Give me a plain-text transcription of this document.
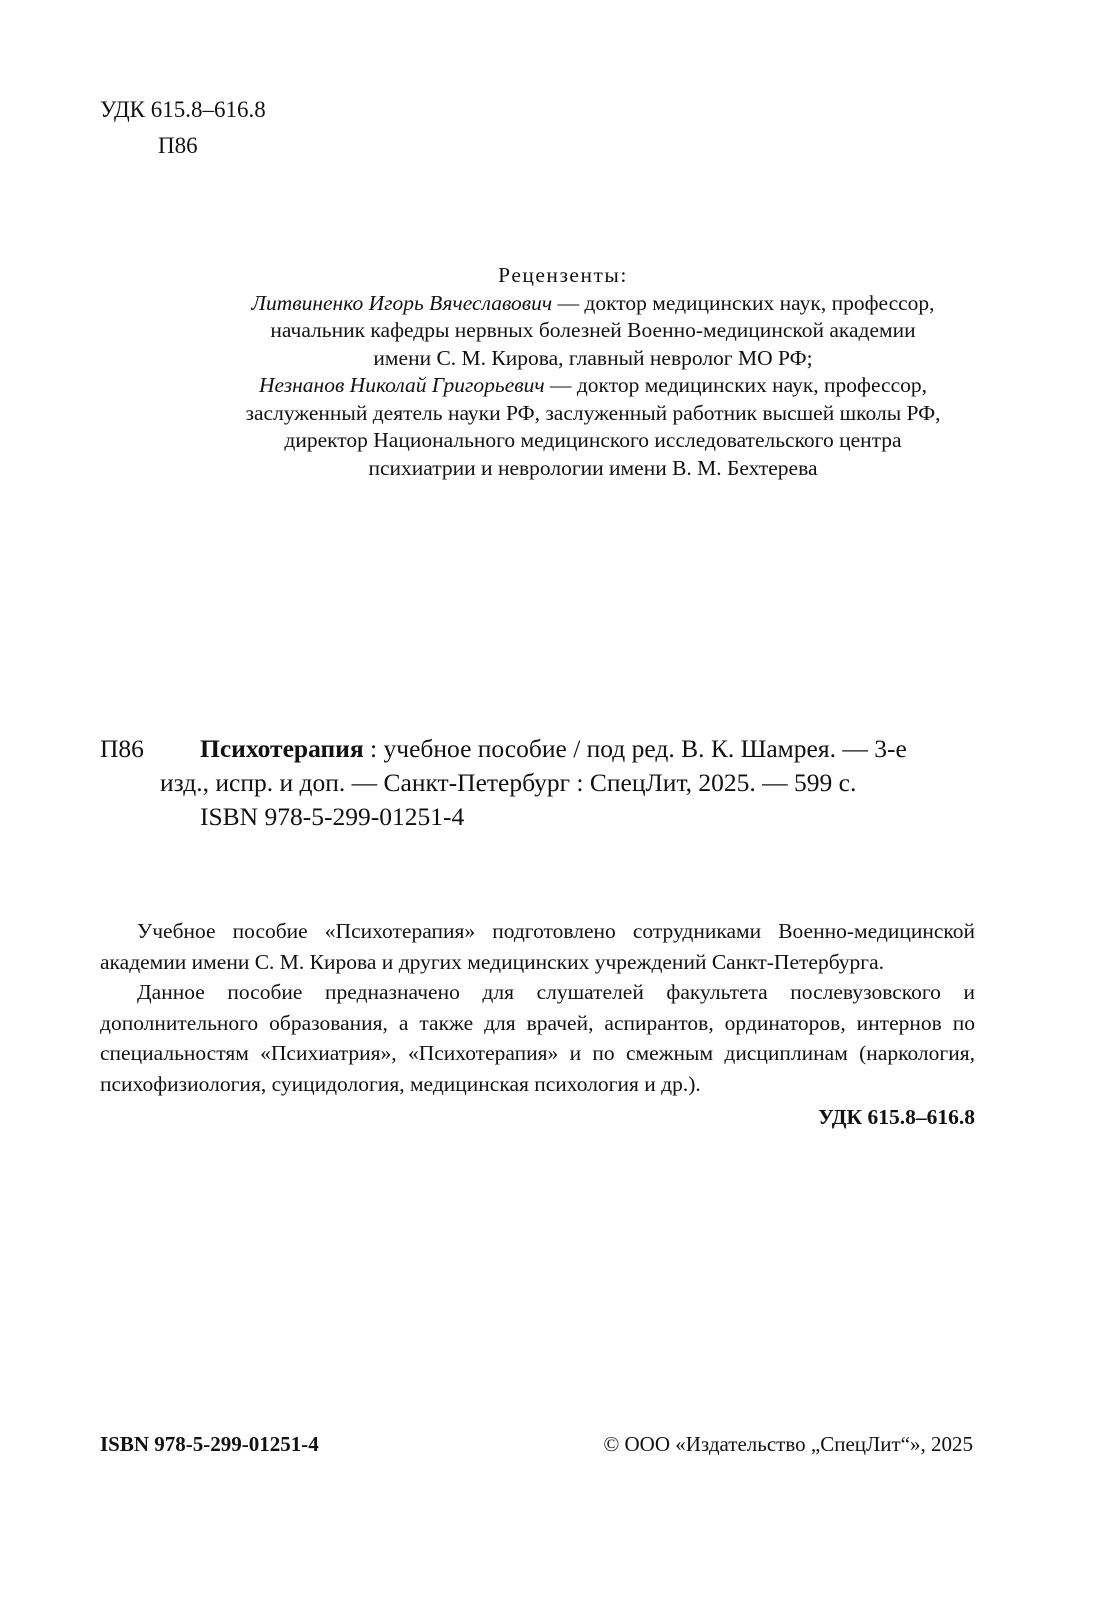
УДК 615.8–616.8
П86
Рецензенты:
Литвиненко Игорь Вячеславович — доктор медицинских наук, профессор,
начальник кафедры нервных болезней Военно-медицинской академии
имени С. М. Кирова, главный невролог МО РФ;
Незнанов Николай Григорьевич — доктор медицинских наук, профессор,
заслуженный деятель науки РФ, заслуженный работник высшей школы РФ,
директор Национального медицинского исследовательского центра
психиатрии и неврологии имени В. М. Бехтерева
П86	Психотерапия : учебное пособие / под ред. В. К. Шамрея. — 3-е
изд., испр. и доп. — Санкт-Петербург : СпецЛит, 2025. — 599 с.
ISBN 978-5-299-01251-4

Учебное пособие «Психотерапия» подготовлено сотрудниками Военно-медицинской академии имени С. М. Кирова и других медицинских учреждений Санкт-Петербурга.

Данное пособие предназначено для слушателей факультета послевузовского и дополнительного образования, а также для врачей, аспирантов, ординаторов, интернов по специальностям «Психиатрия», «Психотерапия» и по смежным дисциплинам (наркология, психофизиология, суицидология, медицинская психология и др.).

УДК 615.8–616.8

ISBN 978-5-299-01251-4	© ООО «Издательство „СпецЛит“», 2025
